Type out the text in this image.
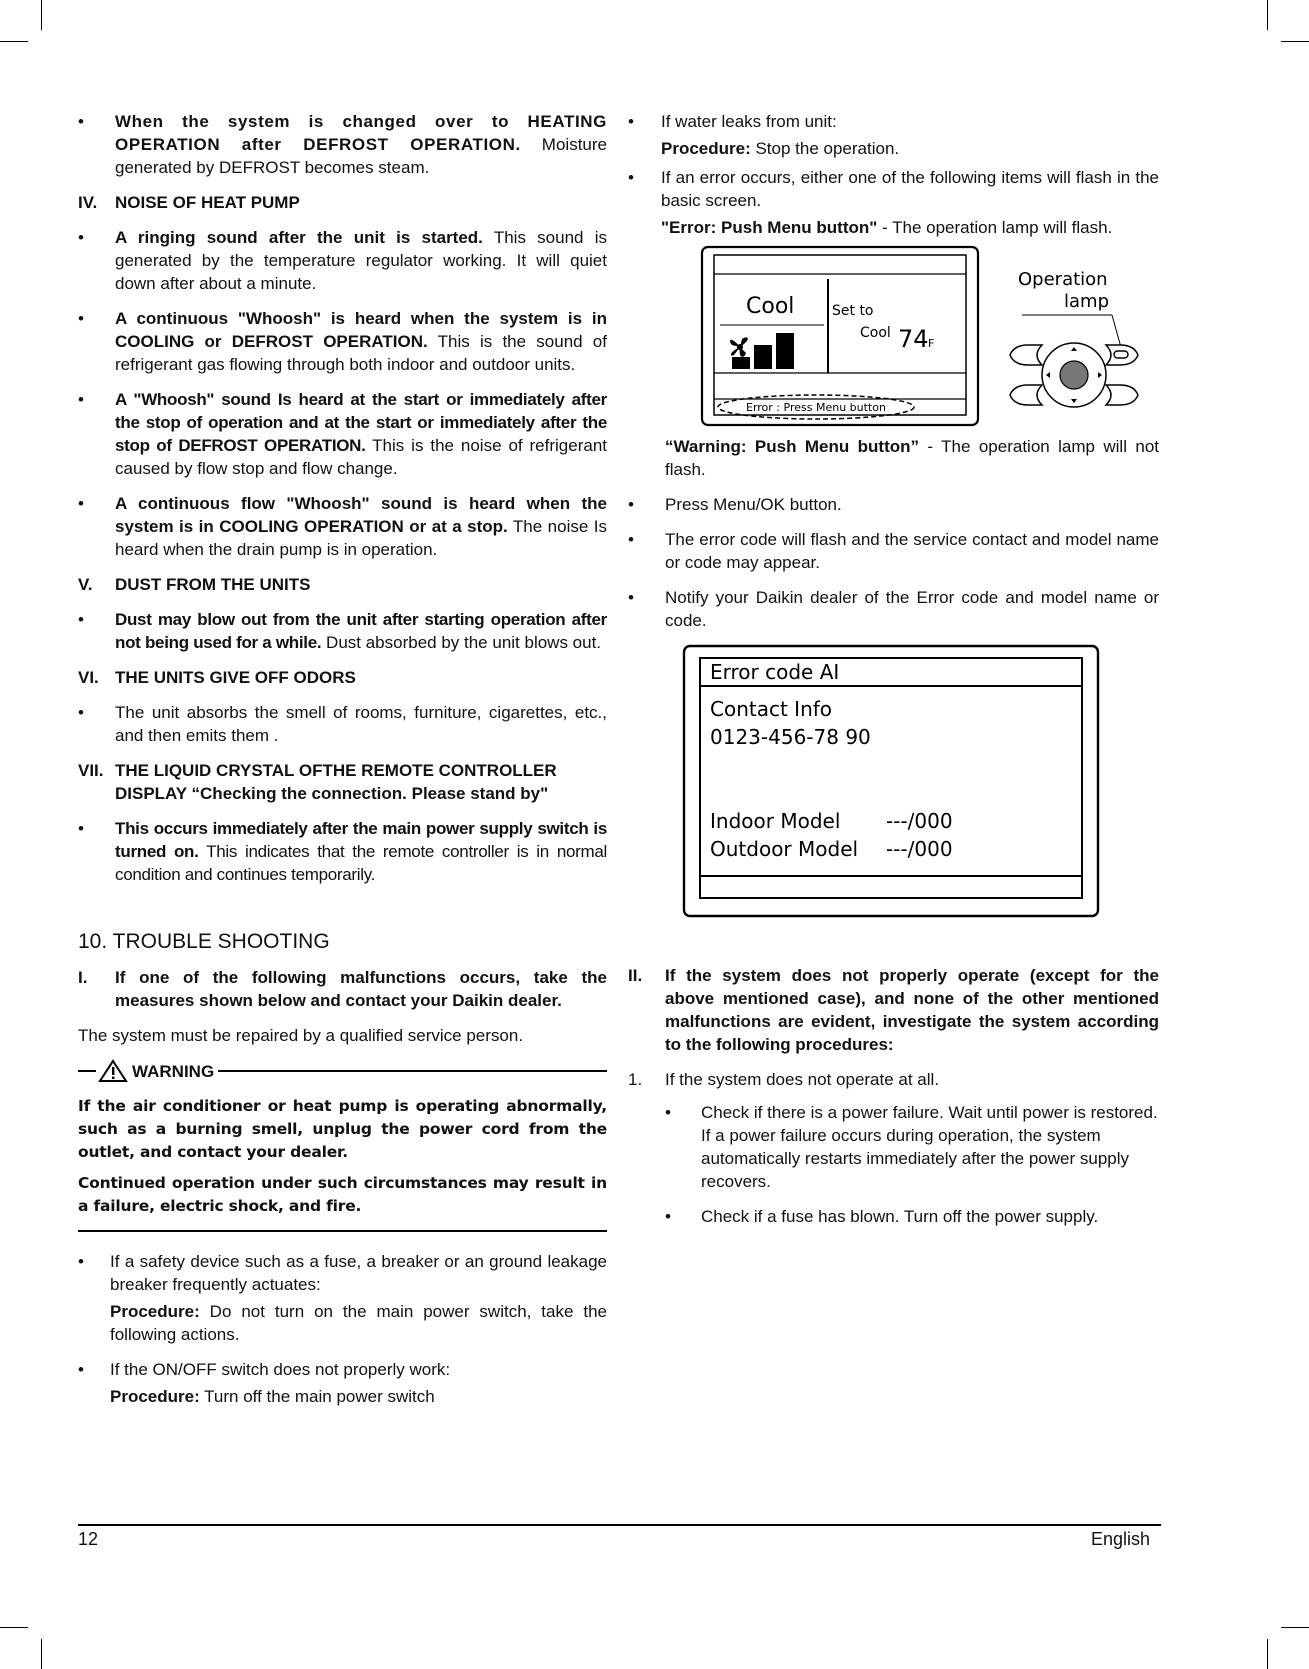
• When the system is changed over to HEATING OPERATION after DEFROST OPERATION. Moisture generated by DEFROST becomes steam.

IV. NOISE OF HEAT PUMP
• A ringing sound after the unit is started. This sound is generated by the temperature regulator working. It will quiet down after about a minute.

• A continuous "Whoosh" is heard when the system is in COOLING or DEFROST OPERATION. This is the sound of refrigerant gas flowing through both indoor and outdoor units.

• A "Whoosh" sound Is heard at the start or immediately after the stop of operation and at the start or immediately after the stop of DEFROST OPERATION. This is the noise of refrigerant caused by flow stop and flow change.

• A continuous flow "Whoosh" sound is heard when the system is in COOLING OPERATION or at a stop. The noise Is heard when the drain pump is in operation.

V. DUST FROM THE UNITS
• Dust may blow out from the unit after starting operation after not being used for a while. Dust absorbed by the unit blows out.

VI. THE UNITS GIVE OFF ODORS
• The unit absorbs the smell of rooms, furniture, cigarettes, etc., and then emits them .

VII. THE LIQUID CRYSTAL OFTHE REMOTE CONTROLLER DISPLAY “Checking the connection. Please stand by"
• This occurs immediately after the main power supply switch is turned on. This indicates that the remote controller is in normal condition and continues temporarily.

10. TROUBLE SHOOTING
I. If one of the following malfunctions occurs, take the measures shown below and contact your Daikin dealer.

The system must be repaired by a qualified service person.

WARNING

If the air conditioner or heat pump is operating abnormally, such as a burning smell, unplug the power cord from the outlet, and contact your dealer.

Continued operation under such circumstances may result in a failure, electric shock, and fire.

• If a safety device such as a fuse, a breaker or an ground leakage breaker frequently actuates:

Procedure: Do not turn on the main power switch, take the following actions.

• If the ON/OFF switch does not properly work:

Procedure: Turn off the main power switch

• If water leaks from unit:

Procedure: Stop the operation.

• If an error occurs, either one of the following items will flash in the basic screen.

"Error: Push Menu button" - The operation lamp will flash.

Cool	Set to
Cool 74 F
Error : Press Menu button
Operation
lamp

“Warning: Push Menu button” - The operation lamp will not flash.

• Press Menu/OK button.

• The error code will flash and the service contact and model name or code may appear.

• Notify your Daikin dealer of the Error code and model name or code.

Error code AI
Contact Info
0123-456-78 90
Indoor Model ---/000
Outdoor Model ---/000
II. If the system does not properly operate (except for the above mentioned case), and none of the other mentioned malfunctions are evident, investigate the system according to the following procedures:
1. If the system does not operate at all.

• Check if there is a power failure. Wait until power is restored. If a power failure occurs during operation, the system automatically restarts immediately after the power supply recovers.

• Check if a fuse has blown. Turn off the power supply.

12	English
